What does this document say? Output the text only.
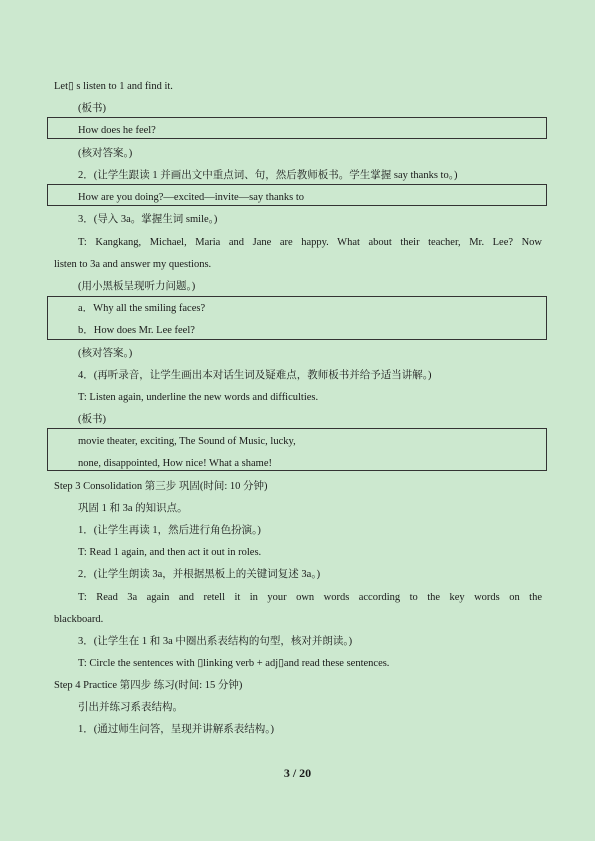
Let▯ s listen to 1 and find it.
(板书)
How does he feel?
(核对答案。)
2．(让学生跟读 1 并画出文中重点词、句，然后教师板书。学生掌握 say thanks to。)
How are you doing?—excited—invite—say thanks to
3．(导入 3a。掌握生词 smile。)
T: Kangkang, Michael, Maria and Jane are happy. What about their teacher, Mr. Lee? Now
listen to 3a and answer my questions.
(用小黑板呈现听力问题。)
a．Why all the smiling faces?
b．How does Mr. Lee feel?
(核对答案。)
4．(再听录音，让学生画出本对话生词及疑难点，教师板书并给予适当讲解。)
T: Listen again, underline the new words and difficulties.
(板书)
movie theater, exciting, The Sound of Music, lucky,
none, disappointed, How nice! What a shame!
Step 3 Consolidation 第三步 巩固(时间: 10 分钟)
巩固 1 和 3a 的知识点。
1．(让学生再读 1，然后进行角色扮演。)
T: Read 1 again, and then act it out in roles.
2．(让学生朗读 3a，并根据黑板上的关键词复述 3a。)
T: Read 3a again and retell it in your own words according to the key words on the
blackboard.
3．(让学生在 1 和 3a 中圈出系表结构的句型，核对并朗读。)
T: Circle the sentences with ▯linking verb + adj▯and read these sentences.
Step 4 Practice 第四步 练习(时间: 15 分钟)
引出并练习系表结构。
1．(通过师生问答，呈现并讲解系表结构。)
3 / 20
